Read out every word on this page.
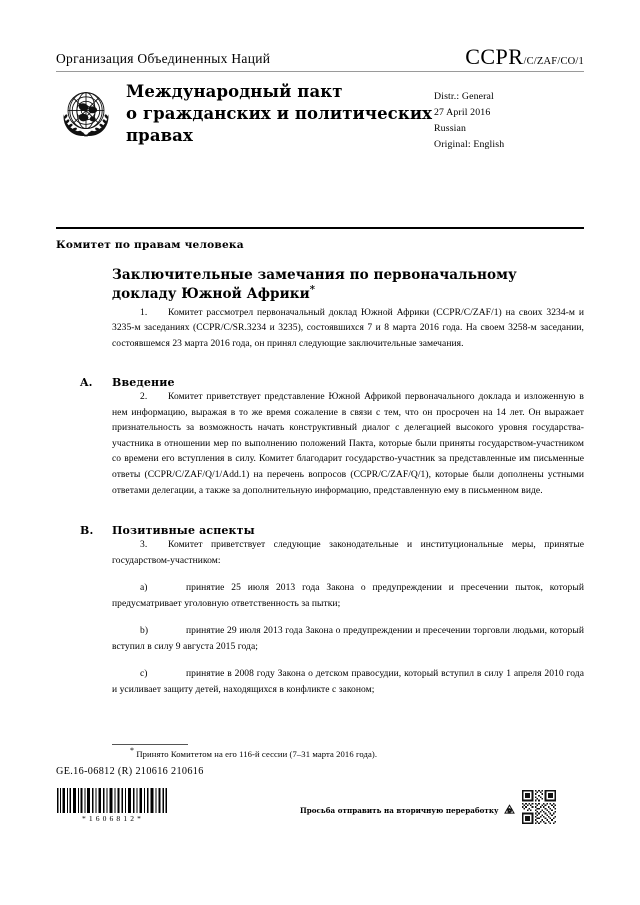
Организация Объединенных Наций	CCPR/C/ZAF/CO/1
Международный пакт
о гражданских и политических
правах
Distr.: General
27 April 2016
Russian
Original: English
Комитет по правам человека
Заключительные замечания по первоначальному
докладу Южной Африки*

1. Комитет рассмотрел первоначальный доклад Южной Африки (CCPR/C/ZAF/1) на своих 3234-м и 3235-м заседаниях (CCPR/C/SR.3234 и 3235), состоявшихся 7 и 8 марта 2016 года. На своем 3258-м заседании, состоявшемся 23 марта 2016 года, он принял следующие заключительные замечания.

A.	Введение

2. Комитет приветствует представление Южной Африкой первоначального доклада и изложенную в нем информацию, выражая в то же время сожаление в связи с тем, что он просрочен на 14 лет. Он выражает признательность за возможность начать конструктивный диалог с делегацией высокого уровня государства-участника в отношении мер по выполнению положений Пакта, которые были приняты государством-участником со времени его вступления в силу. Комитет благодарит государство-участник за представленные им письменные ответы (CCPR/C/ZAF/Q/1/Add.1) на перечень вопросов (CCPR/C/ZAF/Q/1), которые были дополнены устными ответами делегации, а также за дополнительную информацию, представленную ему в письменном виде.

B.	Позитивные аспекты

3. Комитет приветствует следующие законодательные и институциональные меры, принятые государством-участником:

a)	принятие 25 июля 2013 года Закона о предупреждении и пресечении пыток, который предусматривает уголовную ответственность за пытки;

b)	принятие 29 июля 2013 года Закона о предупреждении и пресечении торговли людьми, который вступил в силу 9 августа 2015 года;

c)	принятие в 2008 году Закона о детском правосудии, который вступил в силу 1 апреля 2010 года и усиливает защиту детей, находящихся в конфликте с законом;

* Принято Комитетом на его 116-й сессии (7–31 марта 2016 года).
GE.16-06812 (R) 210616 210616
*1606812*
Просьба отправить на вторичную переработку
